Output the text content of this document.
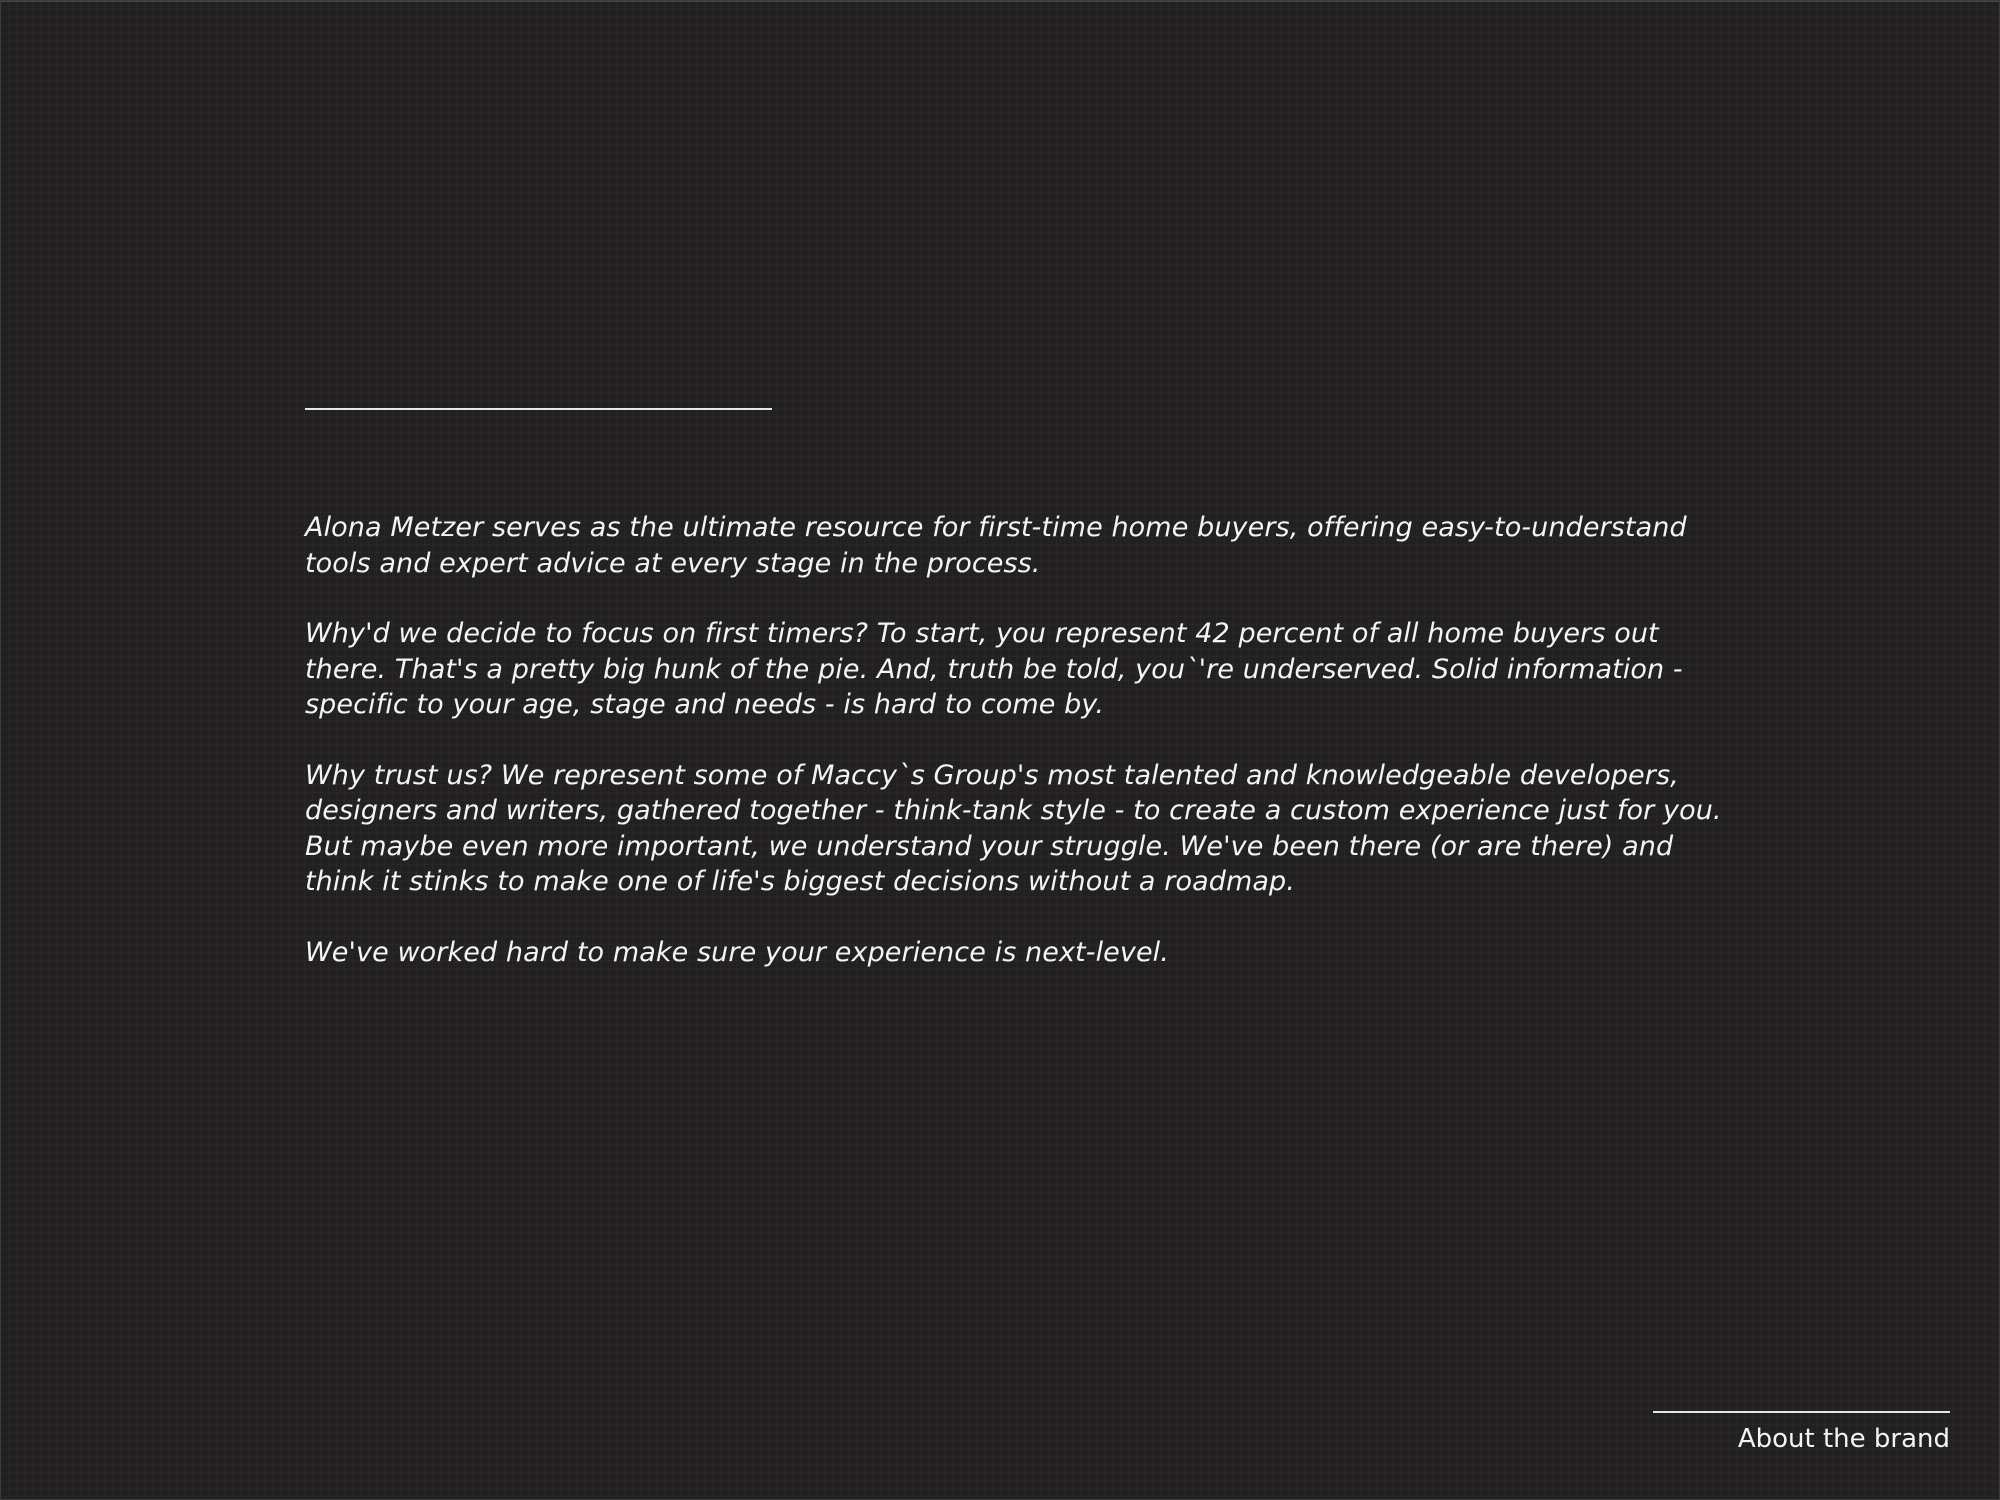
Alona Metzer serves as the ultimate resource for first-time home buyers, offering easy-to-understand tools and expert advice at every stage in the process.

Why'd we decide to focus on first timers? To start, you represent 42 percent of all home buyers out there. That's a pretty big hunk of the pie. And, truth be told, you`'re underserved. Solid information - specific to your age, stage and needs - is hard to come by.

Why trust us? We represent some of Maccy`s Group's most talented and knowledgeable developers, designers and writers, gathered together - think-tank style - to create a custom experience just for you. But maybe even more important, we understand your struggle. We've been there (or are there) and think it stinks to make one of life's biggest decisions without a roadmap.

We've worked hard to make sure your experience is next-level.

About the brand
